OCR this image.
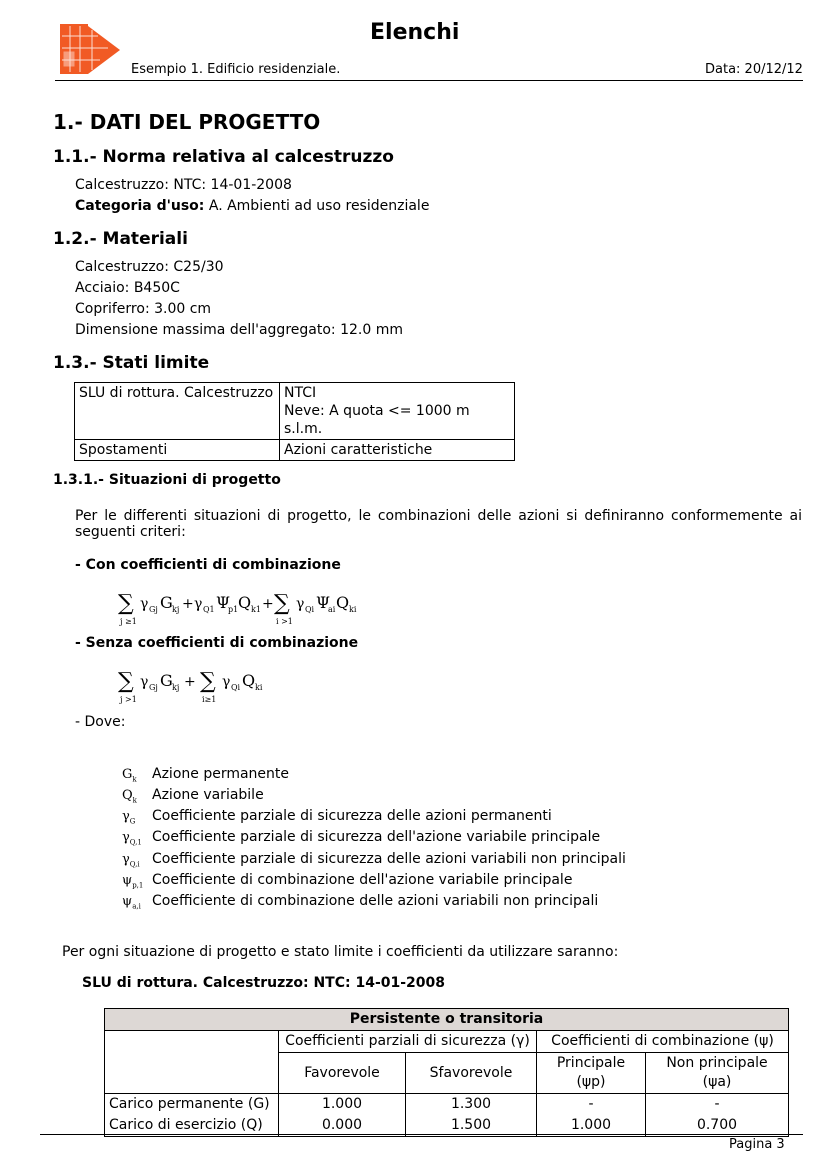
Elenchi
Esempio 1. Edificio residenziale.	Data: 20/12/12
1.- DATI DEL PROGETTO
1.1.- Norma relativa al calcestruzzo
Calcestruzzo: NTC: 14-01-2008
Categoria d'uso: A. Ambienti ad uso residenziale
1.2.- Materiali
Calcestruzzo: C25/30
Acciaio: B450C
Copriferro: 3.00 cm
Dimensione massima dell'aggregato: 12.0 mm
1.3.- Stati limite
SLU di rottura. Calcestruzzo	NTCI
Neve: A quota <= 1000 m s.l.m.

Spostamenti	Azioni caratteristiche
1.3.1.- Situazioni di progetto
Per le differenti situazioni di progetto, le combinazioni delle azioni si definiranno conformemente ai seguenti criteri:
- Con coefficienti di combinazione
∑
j ≥1
γ Gj G kj + γ Q1 Ψ
p1 Q k1 + ∑
i >1
γ Qi Ψ
ai Q ki
- Senza coefficienti di combinazione
∑
j >1
γ Gj G kj + ∑
i≥1
γ Qi Q ki
- Dove:
$G_k$ Azione permanente
$Q_k$ Azione variabile
$\gamma_G$ Coefficiente parziale di sicurezza delle azioni permanenti
$\gamma_{Q,1}$ Coefficiente parziale di sicurezza dell'azione variabile principale
$\gamma_{Q,i}$ Coefficiente parziale di sicurezza delle azioni variabili non principali
$\psi_{p,1}$ Coefficiente di combinazione dell'azione variabile principale
$\psi_{a,i}$ Coefficiente di combinazione delle azioni variabili non principali
Per ogni situazione di progetto e stato limite i coefficienti da utilizzare saranno:
SLU di rottura. Calcestruzzo: NTC: 14-01-2008
Persistente o transitoria				
	Coefficienti parziali di sicurezza (γ)		Coefficienti di combinazione (ψ)	
	Favorevole	Sfavorevole	Principale (ψp)	Non principale (ψa)
Carico permanente (G)	1.000	1.300	-	-
Carico di esercizio (Q)	0.000	1.500	1.000	0.700
Pagina 3
